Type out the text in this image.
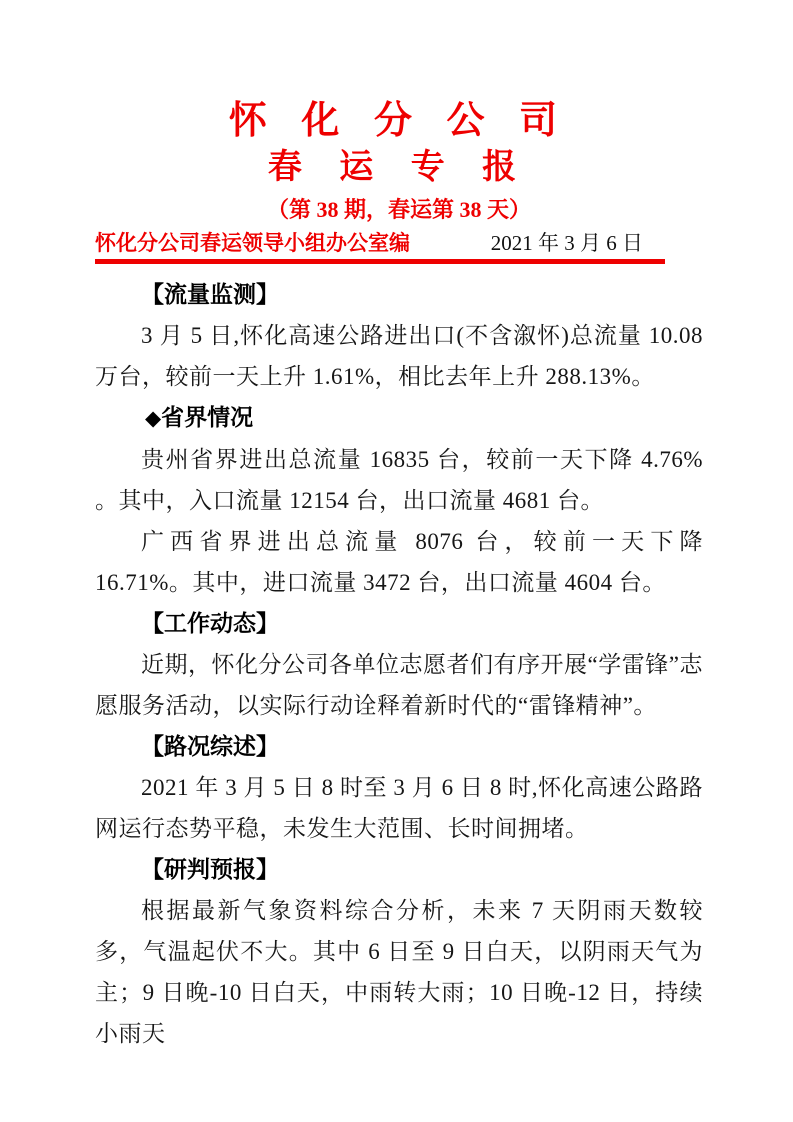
怀 化 分 公 司
春 运 专 报
（第 38 期，春运第 38 天）
怀化分公司春运领导小组办公室编	2021 年 3 月 6 日
【流量监测】

3 月 5 日,怀化高速公路进出口(不含溆怀)总流量 10.08 万台，较前一天上升 1.61%，相比去年上升 288.13%。

◆省界情况

贵州省界进出总流量 16835 台，较前一天下降 4.76% 。其中，入口流量 12154 台，出口流量 4681 台。

广西省界进出总流量 8076 台，较前一天下降 16.71%。其中，进口流量 3472 台，出口流量 4604 台。

【工作动态】

近期，怀化分公司各单位志愿者们有序开展“学雷锋”志愿服务活动，以实际行动诠释着新时代的“雷锋精神”。

【路况综述】

2021 年 3 月 5 日 8 时至 3 月 6 日 8 时,怀化高速公路路网运行态势平稳，未发生大范围、长时间拥堵。

【研判预报】

根据最新气象资料综合分析，未来 7 天阴雨天数较多，气温起伏不大。其中 6 日至 9 日白天，以阴雨天气为主；9 日晚-10 日白天，中雨转大雨；10 日晚-12 日，持续小雨天
